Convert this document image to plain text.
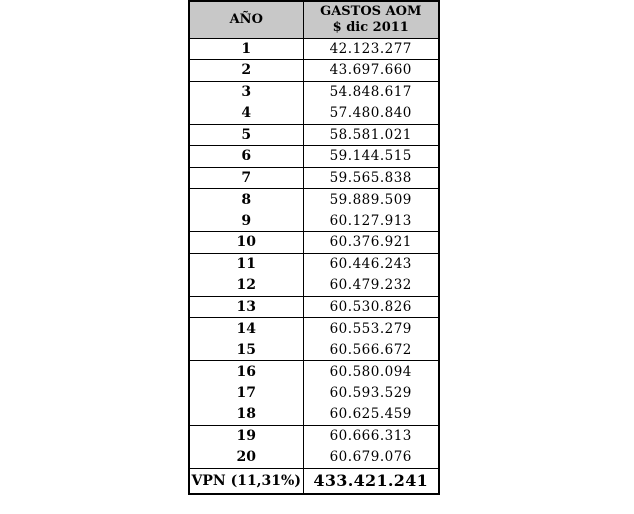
AÑO	GASTOS AOM
$ dic 2011
1	42.123.277
2	43.697.660
3	54.848.617
4	57.480.840
5	58.581.021
6	59.144.515
7	59.565.838
8	59.889.509
9	60.127.913
10	60.376.921
11	60.446.243
12	60.479.232
13	60.530.826
14	60.553.279
15	60.566.672
16	60.580.094
17	60.593.529
18	60.625.459
19	60.666.313
20	60.679.076
VPN (11,31%)	433.421.241
